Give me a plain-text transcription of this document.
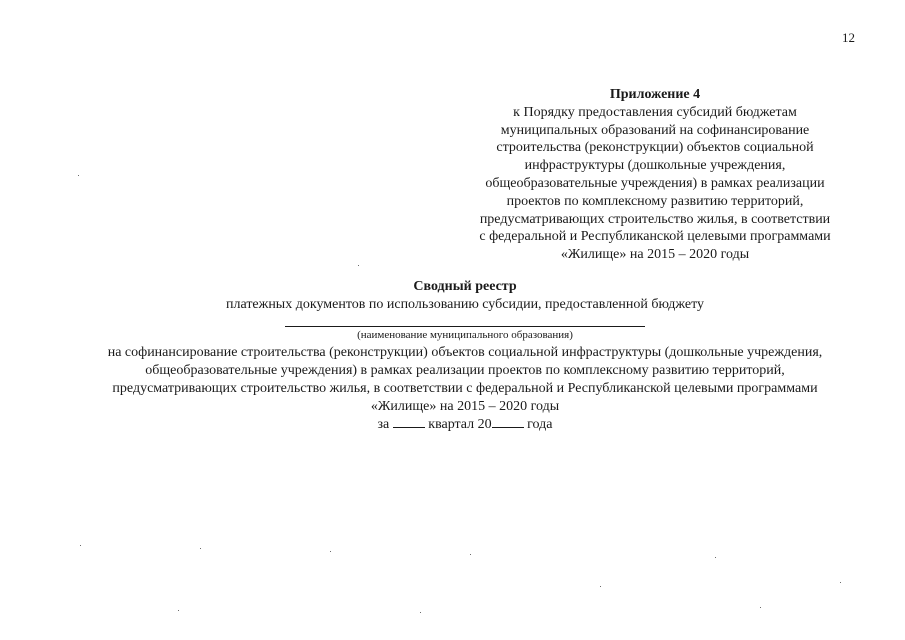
12
Приложение 4
к Порядку предоставления субсидий бюджетам
муниципальных образований на софинансирование
строительства (реконструкции) объектов социальной
инфраструктуры (дошкольные учреждения,
общеобразовательные учреждения) в рамках реализации
проектов по комплексному развитию территорий,
предусматривающих строительство жилья, в соответствии
с федеральной и Республиканской целевыми программами
«Жилище» на 2015 – 2020 годы
Сводный реестр
платежных документов по использованию субсидии, предоставленной бюджету
(наименование муниципального образования)
на софинансирование строительства (реконструкции) объектов социальной инфраструктуры (дошкольные учреждения, общеобразовательные учреждения) в рамках реализации проектов по комплексному развитию территорий, предусматривающих строительство жилья, в соответствии с федеральной и Республиканской целевыми программами «Жилище» на 2015 – 2020 годы
за	квартал 20	года
